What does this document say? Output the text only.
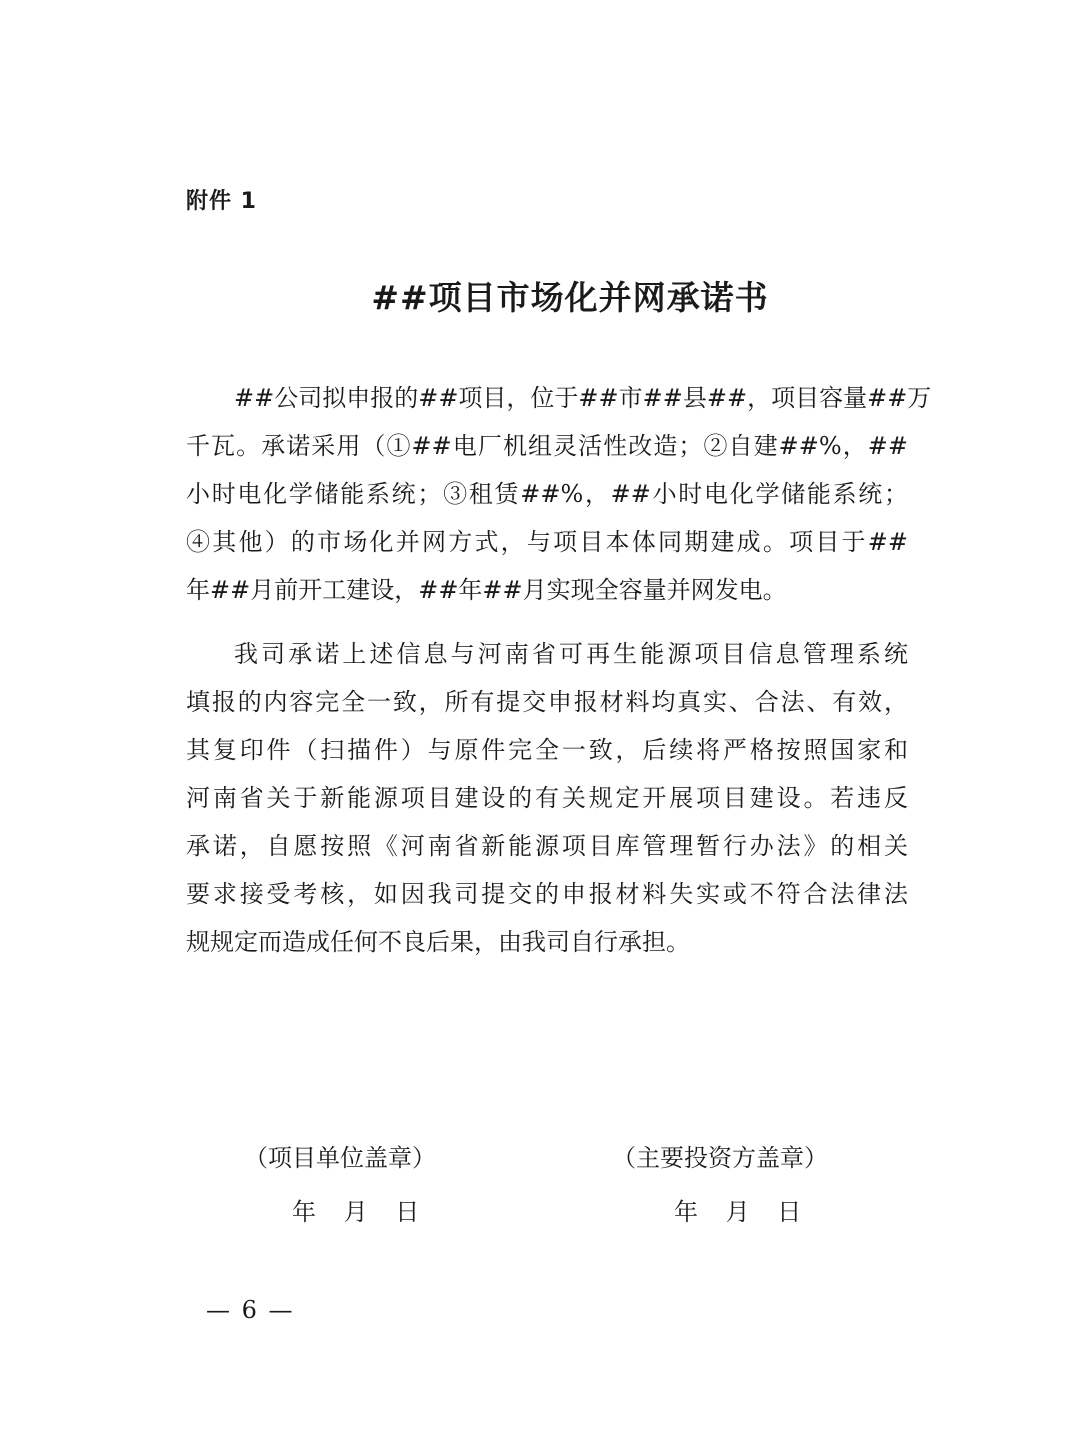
附件 1
##项目市场化并网承诺书
##公司拟申报的##项目，位于##市##县##，项目容量##万
千瓦。承诺采用（①##电厂机组灵活性改造；②自建##%，##
小时电化学储能系统；③租赁##%，##小时电化学储能系统；
④其他）的市场化并网方式，与项目本体同期建成。项目于##
年##月前开工建设，##年##月实现全容量并网发电。
我司承诺上述信息与河南省可再生能源项目信息管理系统
填报的内容完全一致，所有提交申报材料均真实、合法、有效，
其复印件（扫描件）与原件完全一致，后续将严格按照国家和
河南省关于新能源项目建设的有关规定开展项目建设。若违反
承诺，自愿按照《河南省新能源项目库管理暂行办法》的相关
要求接受考核，如因我司提交的申报材料失实或不符合法律法
规规定而造成任何不良后果，由我司自行承担。
（项目单位盖章）
年 月 日
（主要投资方盖章）
年 月 日
— 6 —
